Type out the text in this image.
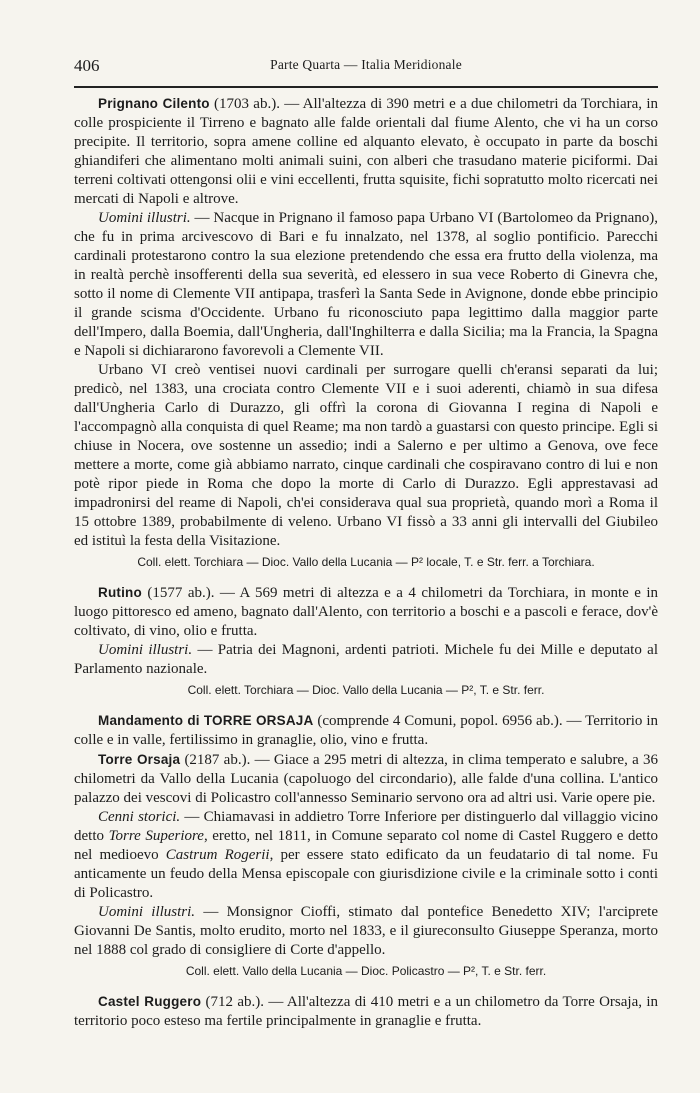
406	Parte Quarta — Italia Meridionale

Prignano Cilento (1703 ab.). — All'altezza di 390 metri e a due chilometri da Torchiara, in colle prospiciente il Tirreno e bagnato alle falde orientali dal fiume Alento, che vi ha un corso precipite. Il territorio, sopra amene colline ed alquanto elevato, è occupato in parte da boschi ghiandiferi che alimentano molti animali suini, con alberi che trasudano materie piciformi. Dai terreni coltivati ottengonsi olii e vini eccellenti, frutta squisite, fichi sopratutto molto ricercati nei mercati di Napoli e altrove.

Uomini illustri. — Nacque in Prignano il famoso papa Urbano VI (Bartolomeo da Prignano), che fu in prima arcivescovo di Bari e fu innalzato, nel 1378, al soglio pontificio. Parecchi cardinali protestarono contro la sua elezione pretendendo che essa era frutto della violenza, ma in realtà perchè insofferenti della sua severità, ed elessero in sua vece Roberto di Ginevra che, sotto il nome di Clemente VII antipapa, trasferì la Santa Sede in Avignone, donde ebbe principio il grande scisma d'Occidente. Urbano fu riconosciuto papa legittimo dalla maggior parte dell'Impero, dalla Boemia, dall'Ungheria, dall'Inghilterra e dalla Sicilia; ma la Francia, la Spagna e Napoli si dichiararono favorevoli a Clemente VII.

Urbano VI creò ventisei nuovi cardinali per surrogare quelli ch'eransi separati da lui; predicò, nel 1383, una crociata contro Clemente VII e i suoi aderenti, chiamò in sua difesa dall'Ungheria Carlo di Durazzo, gli offrì la corona di Giovanna I regina di Napoli e l'accompagnò alla conquista di quel Reame; ma non tardò a guastarsi con questo principe. Egli si chiuse in Nocera, ove sostenne un assedio; indi a Salerno e per ultimo a Genova, ove fece mettere a morte, come già abbiamo narrato, cinque cardinali che cospiravano contro di lui e non potè ripor piede in Roma che dopo la morte di Carlo di Durazzo. Egli apprestavasi ad impadronirsi del reame di Napoli, ch'ei considerava qual sua proprietà, quando morì a Roma il 15 ottobre 1389, probabilmente di veleno. Urbano VI fissò a 33 anni gli intervalli del Giubileo ed istituì la festa della Visitazione.

Coll. elett. Torchiara — Dioc. Vallo della Lucania — P² locale, T. e Str. ferr. a Torchiara.

Rutino (1577 ab.). — A 569 metri di altezza e a 4 chilometri da Torchiara, in monte e in luogo pittoresco ed ameno, bagnato dall'Alento, con territorio a boschi e a pascoli e ferace, dov'è coltivato, di vino, olio e frutta.

Uomini illustri. — Patria dei Magnoni, ardenti patrioti. Michele fu dei Mille e deputato al Parlamento nazionale.

Coll. elett. Torchiara — Dioc. Vallo della Lucania — P², T. e Str. ferr.

Mandamento di TORRE ORSAJA (comprende 4 Comuni, popol. 6956 ab.). — Territorio in colle e in valle, fertilissimo in granaglie, olio, vino e frutta.

Torre Orsaja (2187 ab.). — Giace a 295 metri di altezza, in clima temperato e salubre, a 36 chilometri da Vallo della Lucania (capoluogo del circondario), alle falde d'una collina. L'antico palazzo dei vescovi di Policastro coll'annesso Seminario servono ora ad altri usi. Varie opere pie.

Cenni storici. — Chiamavasi in addietro Torre Inferiore per distinguerlo dal villaggio vicino detto Torre Superiore, eretto, nel 1811, in Comune separato col nome di Castel Ruggero e detto nel medioevo Castrum Rogerii, per essere stato edificato da un feudatario di tal nome. Fu anticamente un feudo della Mensa episcopale con giurisdizione civile e la criminale sotto i conti di Policastro.

Uomini illustri. — Monsignor Cioffi, stimato dal pontefice Benedetto XIV; l'arciprete Giovanni De Santis, molto erudito, morto nel 1833, e il giureconsulto Giuseppe Speranza, morto nel 1888 col grado di consigliere di Corte d'appello.

Coll. elett. Vallo della Lucania — Dioc. Policastro — P², T. e Str. ferr.

Castel Ruggero (712 ab.). — All'altezza di 410 metri e a un chilometro da Torre Orsaja, in territorio poco esteso ma fertile principalmente in granaglie e frutta.
